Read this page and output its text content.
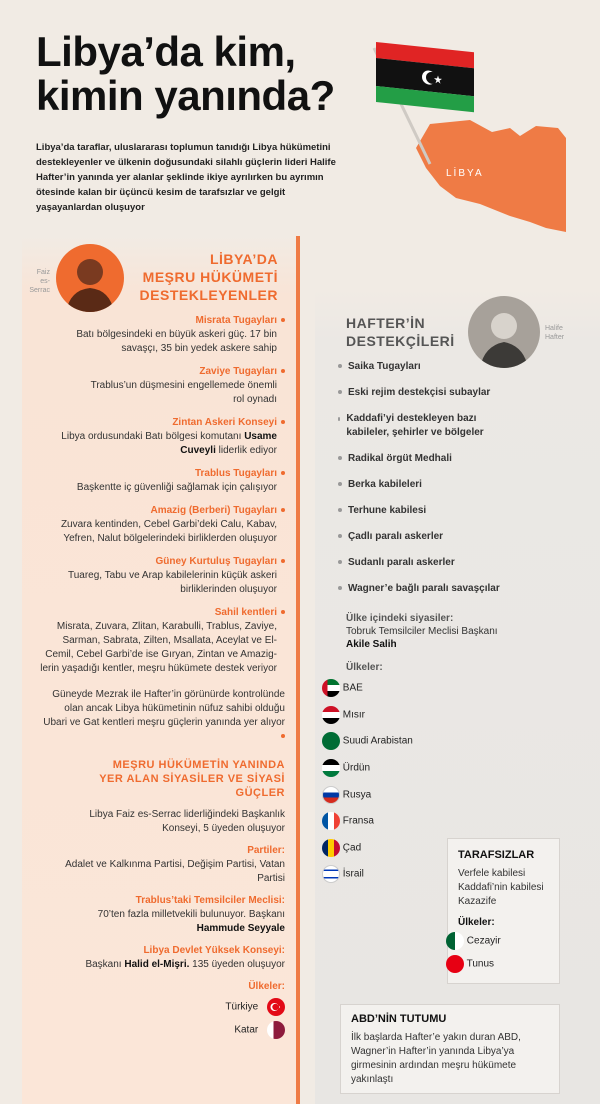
Libya’da kim,
kimin yanında?
Libya’da taraflar, uluslararası toplumun tanıdığı Libya hükümetini destekleyenler ve ülkenin doğusundaki silahlı güçlerin lideri Halife Hafter’in yanında yer alanlar şeklinde ikiye ayrılırken bu ayrımın ötesinde kalan bir üçüncü kesim de tarafsızlar ve gelgit yaşayanlardan oluşuyor
LİBYA
Faiz
es-Serrac
LİBYA’DA
MEŞRU HÜKÜMETİ
DESTEKLEYENLER
Misrata Tugayları
Batı bölgesindeki en büyük askeri güç. 17 bin savaşçı, 35 bin yedek askere sahip
Zaviye Tugayları
Trablus’un düşmesini engellemede önemli rol oynadı
Zintan Askeri Konseyi
Libya ordusundaki Batı bölgesi komutanı Usame Cuveyli liderlik ediyor
Trablus Tugayları
Başkentte iç güvenliği sağlamak için çalışıyor
Amazig (Berberi) Tugayları
Zuvara kentinden, Cebel Garbi’deki Calu, Kabav, Yefren, Nalut bölgelerindeki birliklerden oluşuyor
Güney Kurtuluş Tugayları
Tuareg, Tabu ve Arap kabilelerinin küçük askeri birliklerinden oluşuyor
Sahil kentleri
Misrata, Zuvara, Zlitan, Karabulli, Trablus, Zaviye, Sarman, Sabrata, Zilten, Msallata, Aceylat ve El-Cemil, Cebel Garbi’de ise Gıryan, Zintan ve Amaziglerin yaşadığı kentler, meşru hükümete destek veriyor
Güneyde Mezrak ile Hafter’in görünürde kontrolünde olan ancak Libya hükümetinin nüfuz sahibi olduğu Ubari ve Gat kentleri meşru güçlerin yanında yer alıyor
MEŞRU HÜKÜMETİN YANINDA
YER ALAN SİYASİLER VE SİYASİ
GÜÇLER
Libya Faiz es-Serrac liderliğindeki Başkanlık Konseyi, 5 üyeden oluşuyor
Partiler:
Adalet ve Kalkınma Partisi, Değişim Partisi, Vatan Partisi
Trablus’taki Temsilciler Meclisi:
70’ten fazla milletvekili bulunuyor. Başkanı
Hammude Seyyale
Libya Devlet Yüksek Konseyi:
Başkanı Halid el-Mişri. 135 üyeden oluşuyor
Ülkeler:
Türkiye
Katar
HAFTER’İN
DESTEKÇİLERİ
Halife
Hafter
Saika Tugayları
Eski rejim destekçisi subaylar
Kaddafi’yi destekleyen bazı kabileler, şehirler ve bölgeler
Radikal örgüt Medhali
Berka kabileleri
Terhune kabilesi
Çadlı paralı askerler
Sudanlı paralı askerler
Wagner’e bağlı paralı savaşçılar
Ülke içindeki siyasiler:
Tobruk Temsilciler Meclisi Başkanı
Akile Salih
Ülkeler:
BAE
Mısır
Suudi Arabistan
Ürdün
Rusya
Fransa
Çad
İsrail
TARAFSIZLAR
Verfele kabilesi
Kaddafi’nin kabilesi
Kazazife
Ülkeler:
Cezayir
Tunus
ABD’NİN TUTUMU
İlk başlarda Hafter’e yakın duran ABD, Wagner’in Hafter’in yanında Libya’ya girmesinin ardından meşru hükümete yakınlaştı
